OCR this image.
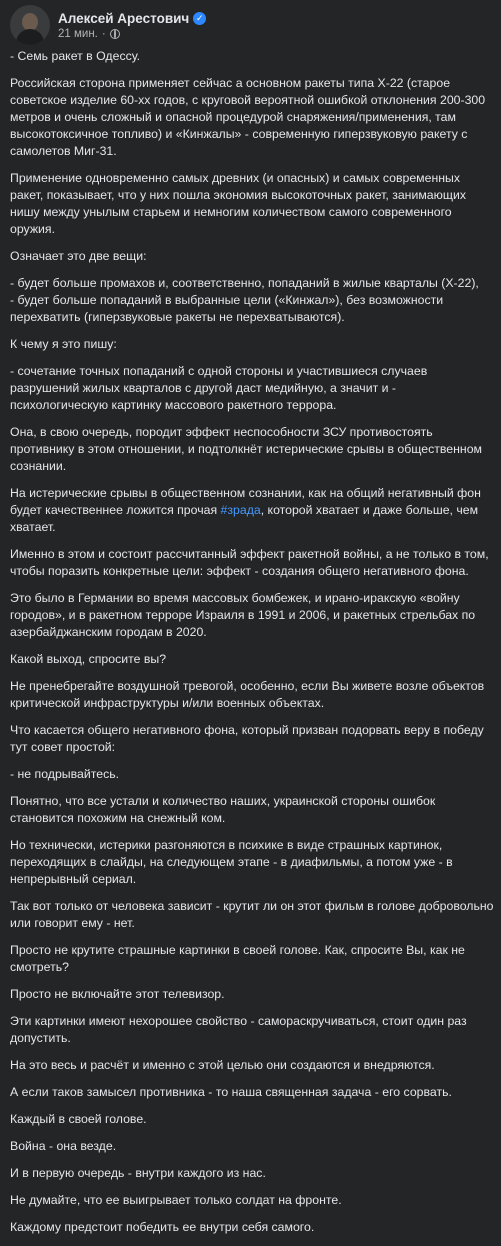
Алексей Арестович ✓
21 мин. ·

- Семь ракет в Одессу.

Российская сторона применяет сейчас а основном ракеты типа Х-22 (старое советское изделие 60-хх годов, с круговой вероятной ошибкой отклонения 200-300 метров и очень сложный и опасной процедурой снаряжения/применения, там высокотоксичное топливо) и «Кинжалы» - современную гиперзвуковую ракету с самолетов Миг-31.

Применение одновременно самых древних (и опасных) и самых современных ракет, показывает, что у них пошла экономия высокоточных ракет, занимающих нишу между унылым старьем и немногим количеством самого современного оружия.

Означает это две вещи:

- будет больше промахов и, соответственно, попаданий в жилые кварталы (Х-22),

- будет больше попаданий в выбранные цели («Кинжал»), без возможности перехватить (гиперзвуковые ракеты не перехватываются).

К чему я это пишу:

- сочетание точных попаданий с одной стороны и участившиеся случаев разрушений жилых кварталов с другой даст медийную, а значит и - психологическую картинку массового ракетного террора.

Она, в свою очередь, породит эффект неспособности ЗСУ противостоять противнику в этом отношении, и подтолкнёт истерические срывы в общественном сознании.

На истерические срывы в общественном сознании, как на общий негативный фон будет качественнее ложится прочая #зрада, которой хватает и даже больше, чем хватает.

Именно в этом и состоит рассчитанный эффект ракетной войны, а не только в том, чтобы поразить конкретные цели: эффект - создания общего негативного фона.

Это было в Германии во время массовых бомбежек, и ирано-иракскую «войну городов», и в ракетном терроре Израиля в 1991 и 2006, и ракетных стрельбах по азербайджанским городам в 2020.

Какой выход, спросите вы?

Не пренебрегайте воздушной тревогой, особенно, если Вы живете возле объектов критической инфраструктуры и/или военных объектах.

Что касается общего негативного фона, который призван подорвать веру в победу тут совет простой:

- не подрывайтесь.

Понятно, что все устали и количество наших, украинской стороны ошибок становится похожим на снежный ком.

Но технически, истерики разгоняются в психике в виде страшных картинок, переходящих в слайды, на следующем этапе - в диафильмы, а потом уже - в непрерывный сериал.

Так вот только от человека зависит - крутит ли он этот фильм в голове добровольно или говорит ему - нет.

Просто не крутите страшные картинки в своей голове. Как, спросите Вы, как не смотреть?

Просто не включайте этот телевизор.

Эти картинки имеют нехорошее свойство - самораскручиваться, стоит один раз допустить.

На это весь и расчёт и именно с этой целью они создаются и внедряются.

А если таков замысел противника - то наша священная задача - его сорвать.

Каждый в своей голове.

Война - она везде.

И в первую очередь - внутри каждого из нас.

Не думайте, что ее выигрывает только солдат на фронте.

Каждому предстоит победить ее внутри себя самого.
